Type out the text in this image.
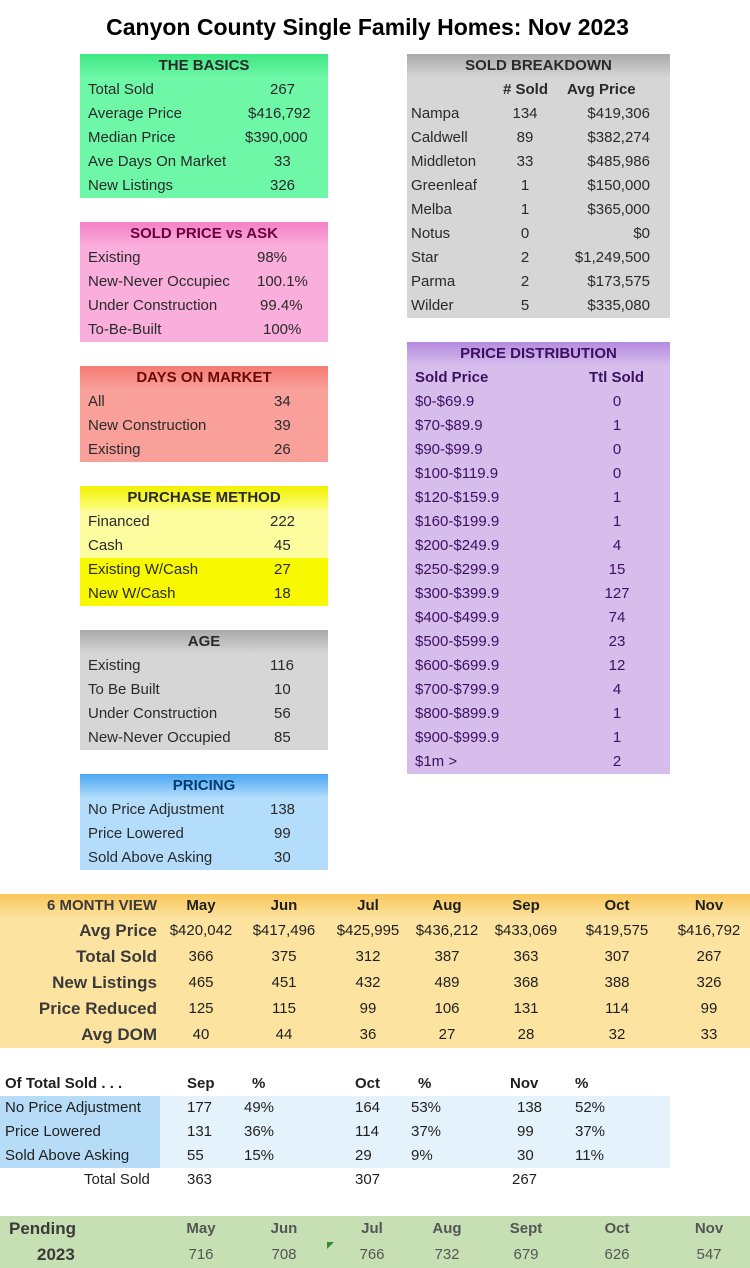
Canyon County Single Family Homes: Nov 2023
THE BASICS
Total Sold	267
Average Price	$416,792
Median Price	$390,000
Ave Days On Market	33
New Listings	326
SOLD PRICE vs ASK
Existing	98%
New-Never Occupiec	100.1%
Under Construction	99.4%
To-Be-Built	100%
DAYS ON MARKET
All	34
New Construction	39
Existing	26
PURCHASE METHOD
Financed	222
Cash	45
Existing W/Cash	27
New W/Cash	18
AGE
Existing	116
To Be Built	10
Under Construction	56
New-Never Occupied	85
PRICING
No Price Adjustment	138
Price Lowered	99
Sold Above Asking	30
SOLD BREAKDOWN
# Sold Avg Price
Nampa	134	$419,306
Caldwell	89	$382,274
Middleton	33	$485,986
Greenleaf	1	$150,000
Melba	1	$365,000
Notus	0	$0
Star	2	$1,249,500
Parma	2	$173,575
Wilder	5	$335,080
PRICE DISTRIBUTION
Sold Price	Ttl Sold
$0-$69.9	0
$70-$89.9	1
$90-$99.9	0
$100-$119.9	0
$120-$159.9	1
$160-$199.9	1
$200-$249.9	4
$250-$299.9	15
$300-$399.9	127
$400-$499.9	74
$500-$599.9	23
$600-$699.9	12
$700-$799.9	4
$800-$899.9	1
$900-$999.9	1
$1m >	2
6 MONTH VIEW	May	Jun	Jul	Aug	Sep	Oct	Nov
Avg Price $420,042	$417,496	$425,995	$436,212	$433,069	$419,575	$416,792
Total Sold	366	375	312	387	363	307	267
New Listings	465	451	432	489	368	388	326
Price Reduced	125	115	99	106	131	114	99
Avg DOM	40	44	36	27	28	32	33
Of Total Sold . . .	Sep %	Oct	%	Nov %
No Price Adjustment	177 49%	164 53%	138 52%
Price Lowered	131 36%	114 37%	99	37%
Sold Above Asking	55	15%	29	9%	30	11%
Total Sold 363	307	267
Pending	May	Jun	Jul	Aug	Sept	Oct	Nov
2023	716	708	766	732	679	626	547
